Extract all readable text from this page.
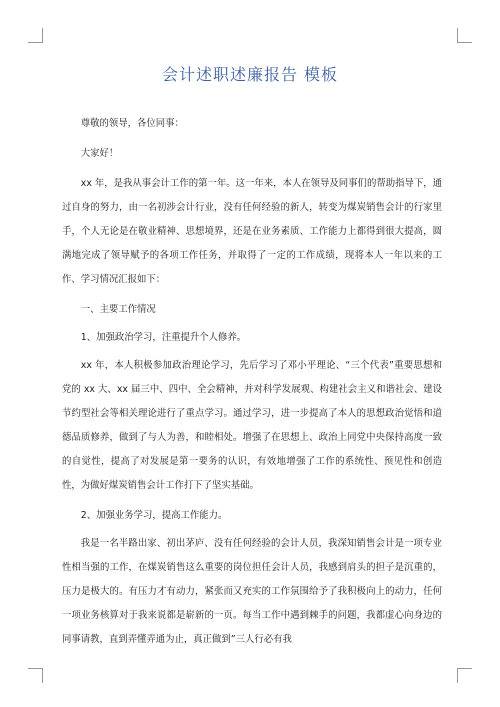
会计述职述廉报告 模板

尊敬的领导，各位同事：

大家好！

xx 年，是我从事会计工作的第一年。这一年来，本人在领导及同事们的帮助指导下，通过自身的努力，由一名初涉会计行业，没有任何经验的新人，转变为煤炭销售会计的行家里手，个人无论是在敬业精神、思想境界，还是在业务素质、工作能力上都得到很大提高，圆满地完成了领导赋予的各项工作任务，并取得了一定的工作成绩，现将本人一年以来的工作、学习情况汇报如下：

一、主要工作情况

1、加强政治学习，注重提升个人修养。

xx 年，本人积极参加政治理论学习，先后学习了邓小平理论、“三个代表”重要思想和党的 xx 大、xx 届三中、四中、全会精神，并对科学发展观、构建社会主义和谐社会、建设节约型社会等相关理论进行了重点学习。通过学习，进一步提高了本人的思想政治觉悟和道德品质修养，做到了与人为善，和睦相处。增强了在思想上、政治上同党中央保持高度一致的自觉性，提高了对发展是第一要务的认识，有效地增强了工作的系统性、预见性和创造性，为做好煤炭销售会计工作打下了坚实基础。

2、加强业务学习，提高工作能力。

我是一名半路出家、初出茅庐、没有任何经验的会计人员，我深知销售会计是一项专业性相当强的工作，在煤炭销售这么重要的岗位担任会计人员，我感到肩头的担子是沉重的，压力是极大的。有压力才有动力，紧张而又充实的工作氛围给予了我积极向上的动力，任何一项业务核算对于我来说都是崭新的一页。每当工作中遇到棘手的问题，我都虚心向身边的同事请教，直到弄懂弄通为止，真正做到”三人行必有我
